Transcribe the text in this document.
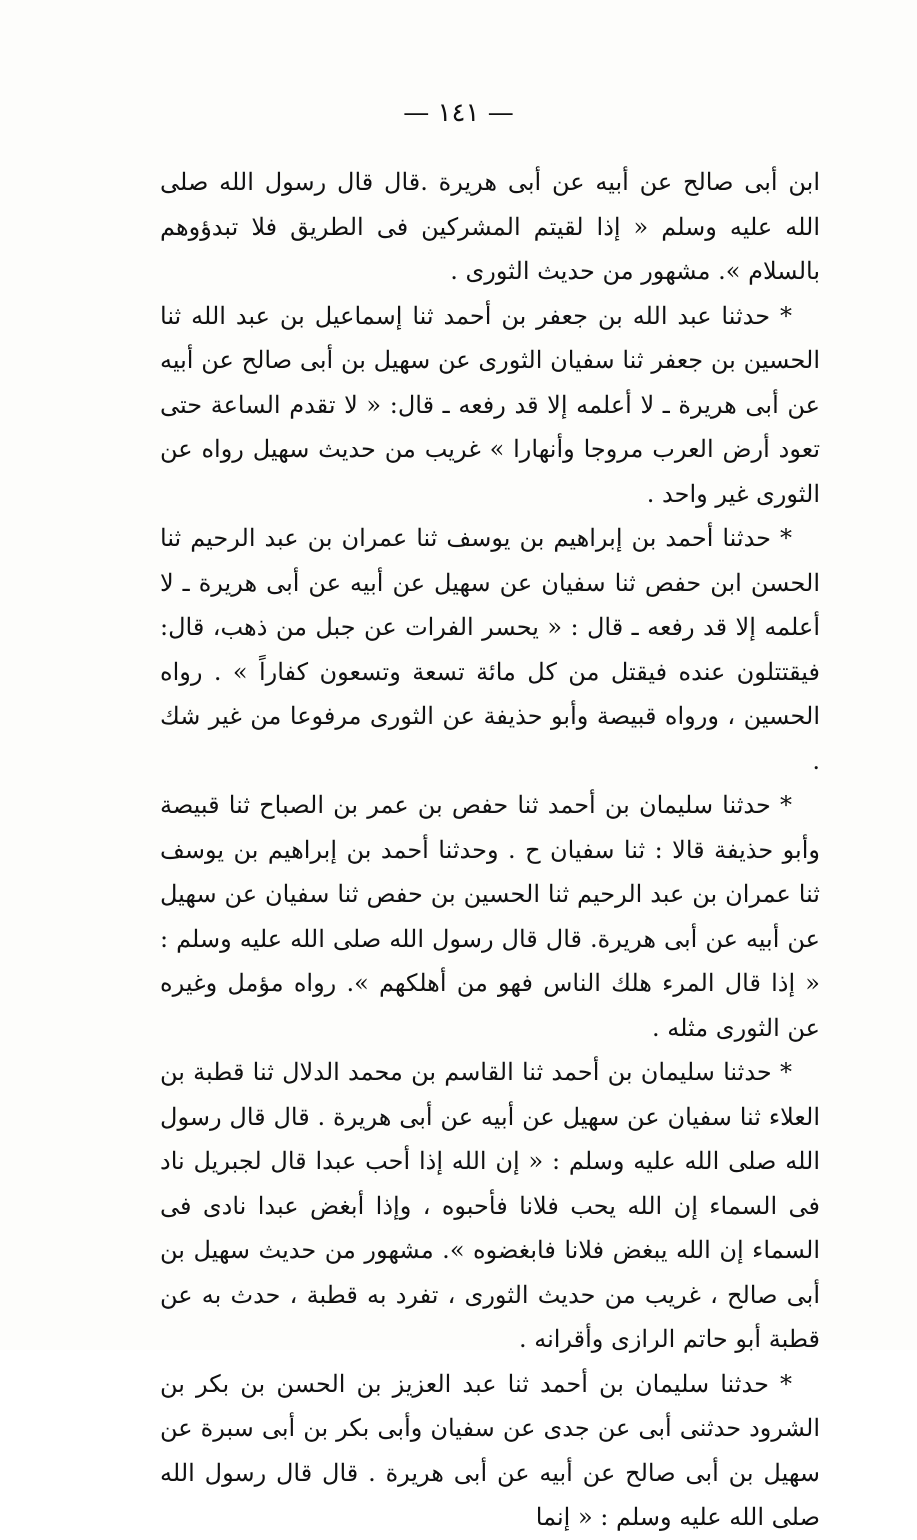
— ١٤١ —

ابن أبى صالح عن أبيه عن أبى هريرة .قال قال رسول الله صلى الله عليه وسلم « إذا لقيتم المشركين فى الطريق فلا تبدؤوهم بالسلام ». مشهور من حديث الثورى .

* حدثنا عبد الله بن جعفر بن أحمد ثنا إسماعيل بن عبد الله ثنا الحسين بن جعفر ثنا سفيان الثورى عن سهيل بن أبى صالح عن أبيه عن أبى هريرة ـ لا أعلمه إلا قد رفعه ـ قال: « لا تقدم الساعة حتى تعود أرض العرب مروجا وأنهارا » غريب من حديث سهيل رواه عن الثورى غير واحد .

* حدثنا أحمد بن إبراهيم بن يوسف ثنا عمران بن عبد الرحيم ثنا الحسن ابن حفص ثنا سفيان عن سهيل عن أبيه عن أبى هريرة ـ لا أعلمه إلا قد رفعه ـ قال : « يحسر الفرات عن جبل من ذهب، قال: فيقتتلون عنده فيقتل من كل مائة تسعة وتسعون كفاراً » . رواه الحسين ، ورواه قبيصة وأبو حذيفة عن الثورى مرفوعا من غير شك .

* حدثنا سليمان بن أحمد ثنا حفص بن عمر بن الصباح ثنا قبيصة وأبو حذيفة قالا : ثنا سفيان ح . وحدثنا أحمد بن إبراهيم بن يوسف ثنا عمران بن عبد الرحيم ثنا الحسين بن حفص ثنا سفيان عن سهيل عن أبيه عن أبى هريرة. قال قال رسول الله صلى الله عليه وسلم : « إذا قال المرء هلك الناس فهو من أهلكهم ». رواه مؤمل وغيره عن الثورى مثله .

* حدثنا سليمان بن أحمد ثنا القاسم بن محمد الدلال ثنا قطبة بن العلاء ثنا سفيان عن سهيل عن أبيه عن أبى هريرة . قال قال رسول الله صلى الله عليه وسلم : « إن الله إذا أحب عبدا قال لجبريل ناد فى السماء إن الله يحب فلانا فأحبوه ، وإذا أبغض عبدا نادى فى السماء إن الله يبغض فلانا فابغضوه ». مشهور من حديث سهيل بن أبى صالح ، غريب من حديث الثورى ، تفرد به قطبة ، حدث به عن قطبة أبو حاتم الرازى وأقرانه .

* حدثنا سليمان بن أحمد ثنا عبد العزيز بن الحسن بن بكر بن الشرود حدثنى أبى عن جدى عن سفيان وأبى بكر بن أبى سبرة عن سهيل بن أبى صالح عن أبيه عن أبى هريرة . قال قال رسول الله صلى الله عليه وسلم : « إنما
